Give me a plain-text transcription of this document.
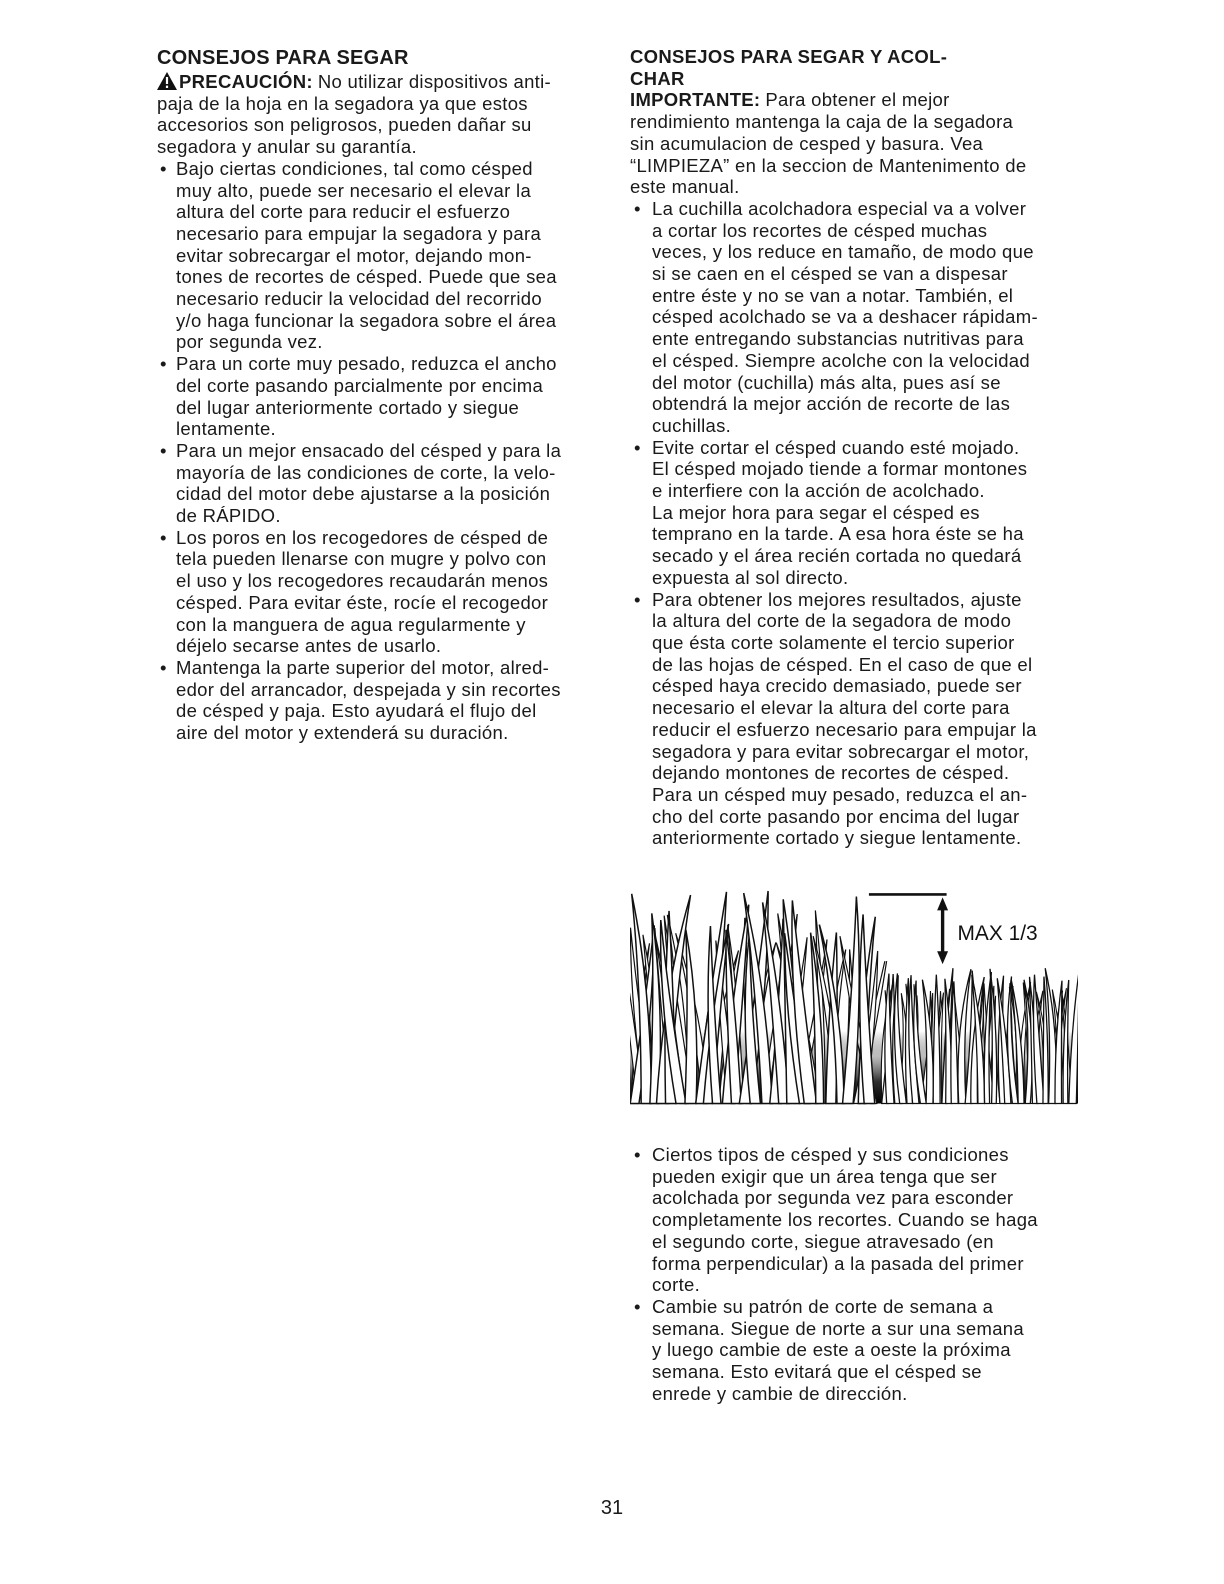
CONSEJOS PARA SEGAR
PRECAUCIÓN: No utilizar dispositivos anti-
paja de la hoja en la segadora ya que estos
accesorios son peligrosos, pueden dañar su
segadora y anular su garantía.
• Bajo ciertas condiciones, tal como césped
muy alto, puede ser necesario el elevar la
altura del corte para reducir el esfuerzo
necesario para empujar la segadora y para
evitar sobrecargar el motor, dejando mon-
tones de recortes de césped. Puede que sea
necesario reducir la velocidad del recorrido
y/o haga funcionar la segadora sobre el área
por segunda vez.
• Para un corte muy pesado, reduzca el ancho
del corte pasando parcialmente por encima
del lugar anteriormente cortado y siegue
lentamente.
• Para un mejor ensacado del césped y para la
mayoría de las condiciones de corte, la velo-
cidad del motor debe ajustarse a la posición
de RÁPIDO.
• Los poros en los recogedores de césped de
tela pueden llenarse con mugre y polvo con
el uso y los recogedores recaudarán menos
césped. Para evitar éste, rocíe el recogedor
con la manguera de agua regularmente y
déjelo secarse antes de usarlo.
• Mantenga la parte superior del motor, alred-
edor del arrancador, despejada y sin recortes
de césped y paja. Esto ayudará el flujo del
aire del motor y extenderá su duración.
CONSEJOS PARA SEGAR Y ACOL-
CHAR
IMPORTANTE: Para obtener el mejor
rendimiento mantenga la caja de la segadora
sin acumulacion de cesped y basura. Vea
“LIMPIEZA” en la seccion de Mantenimento de
este manual.
• La cuchilla acolchadora especial va a volver
a cortar los recortes de césped muchas
veces, y los reduce en tamaño, de modo que
si se caen en el césped se van a dispesar
entre éste y no se van a notar. También, el
césped acolchado se va a deshacer rápidam-
ente entregando substancias nutritivas para
el césped. Siempre acolche con la velocidad
del motor (cuchilla) más alta, pues así se
obtendrá la mejor acción de recorte de las
cuchillas.
• Evite cortar el césped cuando esté mojado.
El césped mojado tiende a formar montones
e interfiere con la acción de acolchado.
La mejor hora para segar el césped es
temprano en la tarde. A esa hora éste se ha
secado y el área recién cortada no quedará
expuesta al sol directo.
• Para obtener los mejores resultados, ajuste
la altura del corte de la segadora de modo
que ésta corte solamente el tercio superior
de las hojas de césped. En el caso de que el
césped haya crecido demasiado, puede ser
necesario el elevar la altura del corte para
reducir el esfuerzo necesario para empujar la
segadora y para evitar sobrecargar el motor,
dejando montones de recortes de césped.
Para un césped muy pesado, reduzca el an-
cho del corte pasando por encima del lugar
anteriormente cortado y siegue lentamente.
MAX 1/3
• Ciertos tipos de césped y sus condiciones
pueden exigir que un área tenga que ser
acolchada por segunda vez para esconder
completamente los recortes. Cuando se haga
el segundo corte, siegue atravesado (en
forma perpendicular) a la pasada del primer
corte.
• Cambie su patrón de corte de semana a
semana. Siegue de norte a sur una semana
y luego cambie de este a oeste la próxima
semana. Esto evitará que el césped se
enrede y cambie de dirección.
31
